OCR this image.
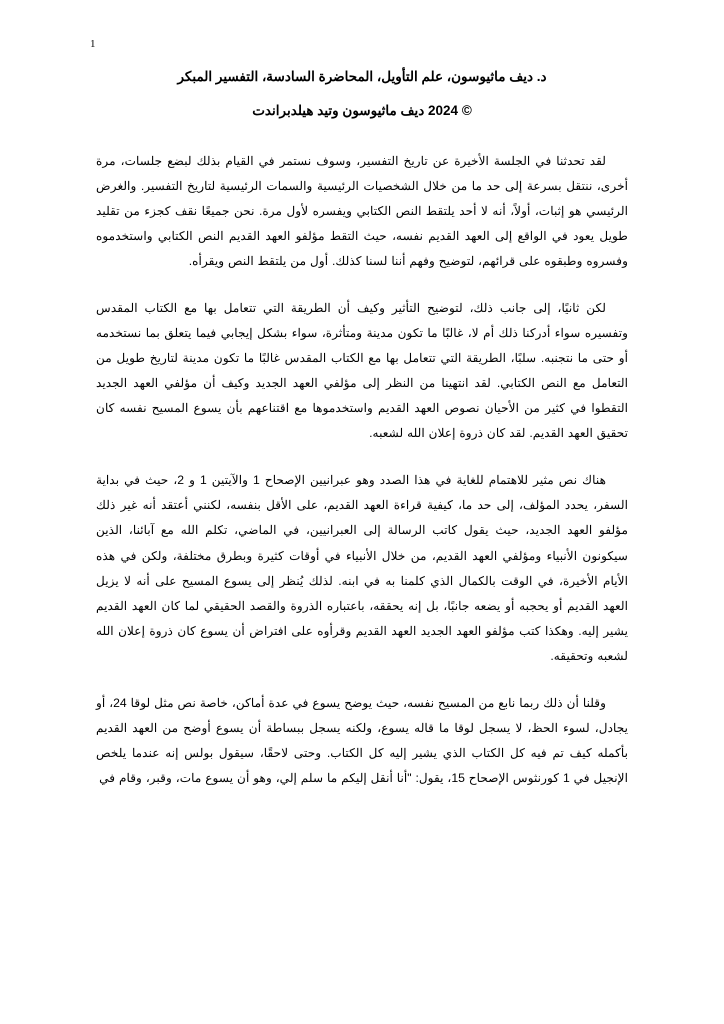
1
د. ديف ماثيوسون، علم التأويل، المحاضرة السادسة، التفسير المبكر
© 2024 ديف ماثيوسون وتيد هيلدبراندت

لقد تحدثنا في الجلسة الأخيرة عن تاريخ التفسير، وسوف نستمر في القيام بذلك لبضع جلسات، مرة أخرى، ننتقل بسرعة إلى حد ما من خلال الشخصيات الرئيسية والسمات الرئيسية لتاريخ التفسير. والغرض الرئيسي هو إثبات، أولاً، أنه لا أحد يلتقط النص الكتابي ويفسره لأول مرة. نحن جميعًا نقف كجزء من تقليد طويل يعود في الواقع إلى العهد القديم نفسه، حيث التقط مؤلفو العهد القديم النص الكتابي واستخدموه وفسروه وطبقوه على قرائهم، لتوضيح وفهم أننا لسنا كذلك. أول من يلتقط النص ويقرأه.

لكن ثانيًا، إلى جانب ذلك، لتوضيح التأثير وكيف أن الطريقة التي تتعامل بها مع الكتاب المقدس وتفسيره سواء أدركنا ذلك أم لا، غالبًا ما تكون مدينة ومتأثرة، سواء بشكل إيجابي فيما يتعلق بما نستخدمه أو حتى ما نتجنبه. سلبًا، الطريقة التي تتعامل بها مع الكتاب المقدس غالبًا ما تكون مدينة لتاريخ طويل من التعامل مع النص الكتابي. لقد انتهينا من النظر إلى مؤلفي العهد الجديد وكيف أن مؤلفي العهد الجديد التقطوا في كثير من الأحيان نصوص العهد القديم واستخدموها مع اقتناعهم بأن يسوع المسيح نفسه كان تحقيق العهد القديم. لقد كان ذروة إعلان الله لشعبه.

هناك نص مثير للاهتمام للغاية في هذا الصدد وهو عبرانيين الإصحاح 1 والآيتين 1 و 2، حيث في بداية السفر، يحدد المؤلف، إلى حد ما، كيفية قراءة العهد القديم، على الأقل بنفسه، لكنني أعتقد أنه غير ذلك مؤلفو العهد الجديد، حيث يقول كاتب الرسالة إلى العبرانيين، في الماضي، تكلم الله مع آبائنا، الذين سيكونون الأنبياء ومؤلفي العهد القديم، من خلال الأنبياء في أوقات كثيرة وبطرق مختلفة، ولكن في هذه الأيام الأخيرة، في الوقت بالكمال الذي كلمنا به في ابنه. لذلك يُنظر إلى يسوع المسيح على أنه لا يزيل العهد القديم أو يحجبه أو يضعه جانبًا، بل إنه يحققه، باعتباره الذروة والقصد الحقيقي لما كان العهد القديم يشير إليه. وهكذا كتب مؤلفو العهد الجديد العهد القديم وقرأوه على افتراض أن يسوع كان ذروة إعلان الله لشعبه وتحقيقه.

وقلنا أن ذلك ربما نابع من المسيح نفسه، حيث يوضح يسوع في عدة أماكن، خاصة نص مثل لوقا 24، أو يجادل، لسوء الحظ، لا يسجل لوقا ما قاله يسوع، ولكنه يسجل ببساطة أن يسوع أوضح من العهد القديم بأكمله كيف تم فيه كل الكتاب الذي يشير إليه كل الكتاب. وحتى لاحقًا، سيقول بولس إنه عندما يلخص الإنجيل في 1 كورنثوس الإصحاح 15، يقول: "أنا أنقل إليكم ما سلم إلي، وهو أن يسوع مات، وقبر، وقام في
